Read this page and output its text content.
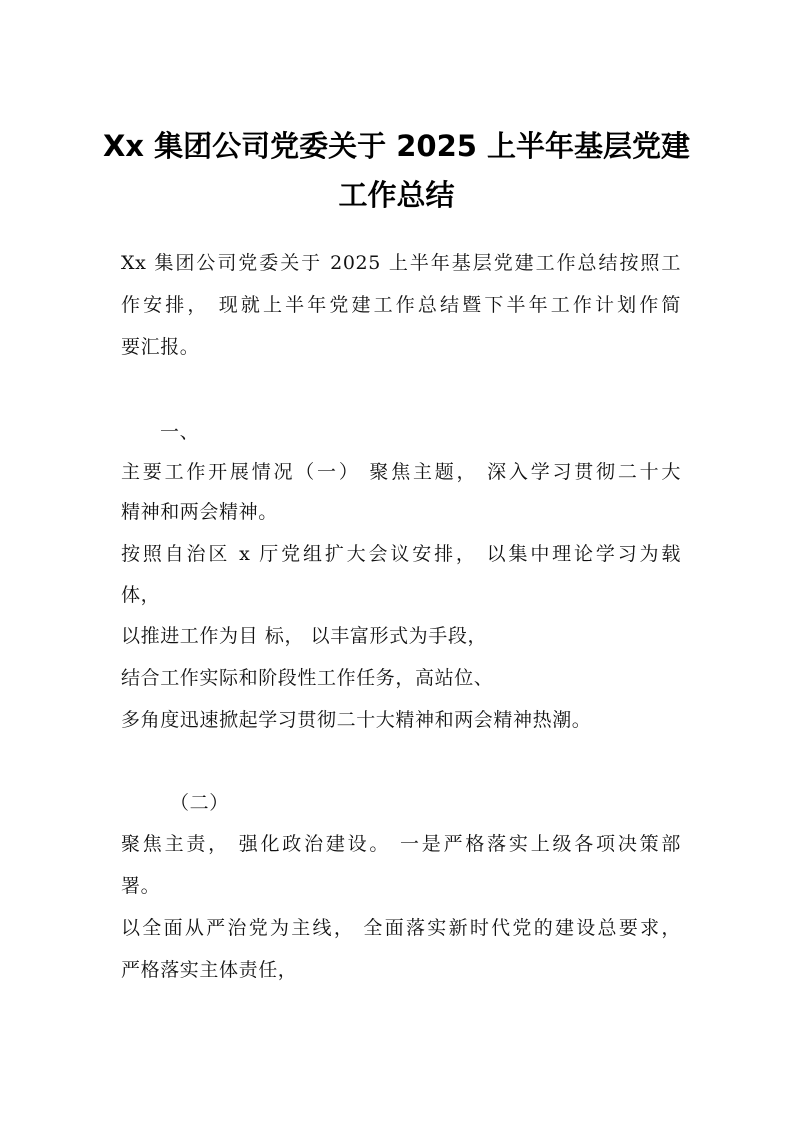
Xx 集团公司党委关于 2025 上半年基层党建
工作总结

Xx 集团公司党委关于 2025 上半年基层党建工作总结按照工

作安排， 现就上半年党建工作总结暨下半年工作计划作简

要汇报。

一、

主要工作开展情况（一） 聚焦主题， 深入学习贯彻二十大

精神和两会精神。

按照自治区 x 厅党组扩大会议安排， 以集中理论学习为载

体，

以推进工作为目 标， 以丰富形式为手段，

结合工作实际和阶段性工作任务，高站位、

多角度迅速掀起学习贯彻二十大精神和两会精神热潮。

（二）

聚焦主责， 强化政治建设。 一是严格落实上级各项决策部

署。

以全面从严治党为主线， 全面落实新时代党的建设总要求，

严格落实主体责任，
